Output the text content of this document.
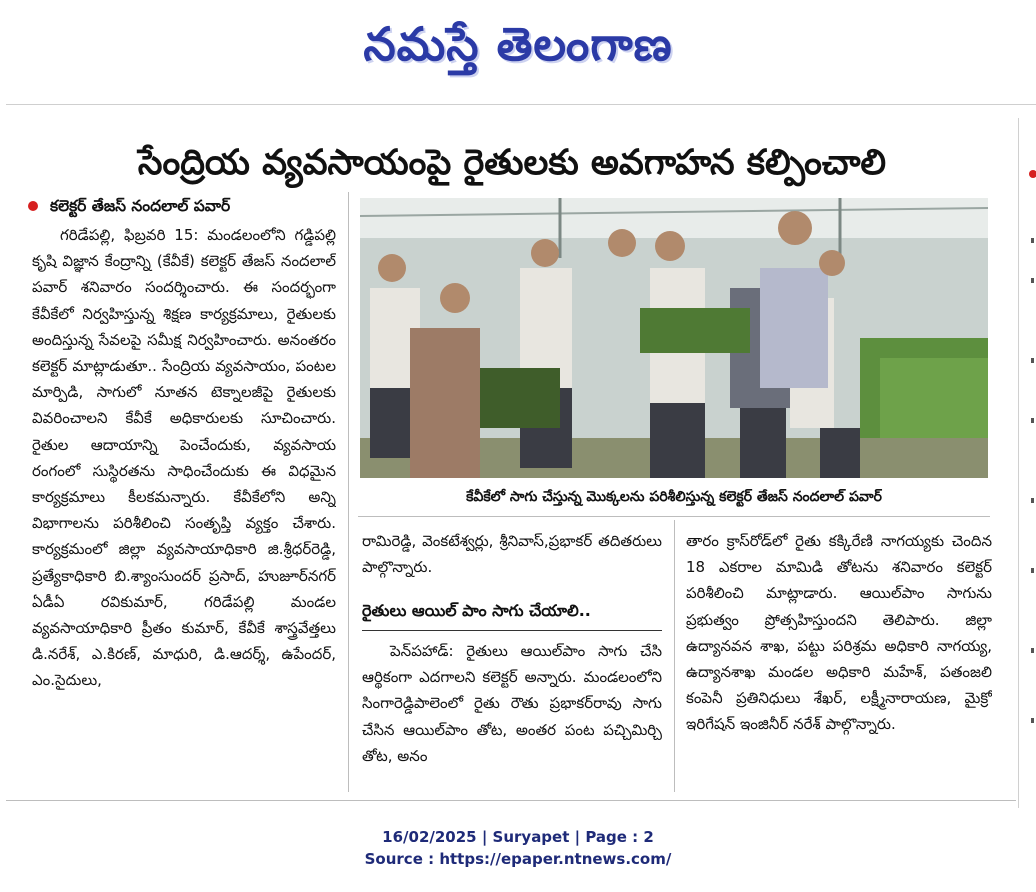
నమస్తే తెలంగాణ
సేంద్రియ వ్యవసాయంపై రైతులకు అవగాహన కల్పించాలి
కలెక్టర్ తేజస్ నందలాల్ పవార్

గరిడేపల్లి, ఫిబ్రవరి 15: మండలంలోని గడ్డిపల్లి కృషి విజ్ఞాన కేంద్రాన్ని (కేవీకే) కలెక్టర్ తేజస్ నందలాల్ పవార్ శనివారం సందర్శించారు. ఈ సందర్భంగా కేవీకేలో నిర్వహిస్తున్న శిక్షణ కార్యక్రమాలు, రైతులకు అందిస్తున్న సేవలపై సమీక్ష నిర్వహించారు. అనంతరం కలెక్టర్ మాట్లాడుతూ.. సేంద్రియ వ్యవసాయం, పంటల మార్పిడి, సాగులో నూతన టెక్నాలజీపై రైతులకు వివరించాలని కేవీకే అధికారులకు సూచించారు. రైతుల ఆదాయాన్ని పెంచేందుకు, వ్యవసాయ రంగంలో సుస్థిరతను సాధించేందుకు ఈ విధమైన కార్యక్రమాలు కీలకమన్నారు. కేవీకేలోని అన్ని విభాగాలను పరిశీలించి సంతృప్తి వ్యక్తం చేశారు. కార్యక్రమంలో జిల్లా వ్యవసాయాధికారి జి.శ్రీధర్‌రెడ్డి, ప్రత్యేకాధికారి బి.శ్యాంసుందర్ ప్రసాద్, హుజూర్‌నగర్ ఏడీఏ రవికుమార్, గరిడేపల్లి మండల వ్యవసాయాధికారి ప్రీతం కుమార్, కేవీకే శాస్త్రవేత్తలు డి.నరేశ్, ఎ.కిరణ్, మాధురి, డి.ఆదర్శ్, ఉపేందర్, ఎం.సైదులు,

కేవీకేలో సాగు చేస్తున్న మొక్కలను పరిశీలిస్తున్న కలెక్టర్ తేజస్ నందలాల్ పవార్

రామిరెడ్డి, వెంకటేశ్వర్లు, శ్రీనివాస్,ప్రభాకర్ తదితరులు పాల్గొన్నారు.

రైతులు ఆయిల్ పాం సాగు చేయాలి..

పెన్‌పహాడ్: రైతులు ఆయిల్‌పాం సాగు చేసి ఆర్థికంగా ఎదగాలని కలెక్టర్ అన్నారు. మండలంలోని సింగారెడ్డిపాలెంలో రైతు రౌతు ప్రభాకర్‌రావు సాగు చేసిన ఆయిల్‌పాం తోట, అంతర పంట పచ్చిమిర్చి తోట, అనం

తారం క్రాస్‌రోడ్‌లో రైతు కక్కిరేణి నాగయ్యకు చెందిన 18 ఎకరాల మామిడి తోటను శనివారం కలెక్టర్ పరిశీలించి మాట్లాడారు. ఆయిల్‌పాం సాగును ప్రభుత్వం ప్రోత్సహిస్తుందని తెలిపారు. జిల్లా ఉద్యానవన శాఖ, పట్టు పరిశ్రమ అధికారి నాగయ్య, ఉద్యానశాఖ మండల అధికారి మహేశ్, పతంజలి కంపెనీ ప్రతినిధులు శేఖర్, లక్ష్మీనారాయణ, మైక్రో ఇరిగేషన్ ఇంజినీర్ నరేశ్ పాల్గొన్నారు.

16/02/2025 | Suryapet | Page : 2
Source : https://epaper.ntnews.com/
